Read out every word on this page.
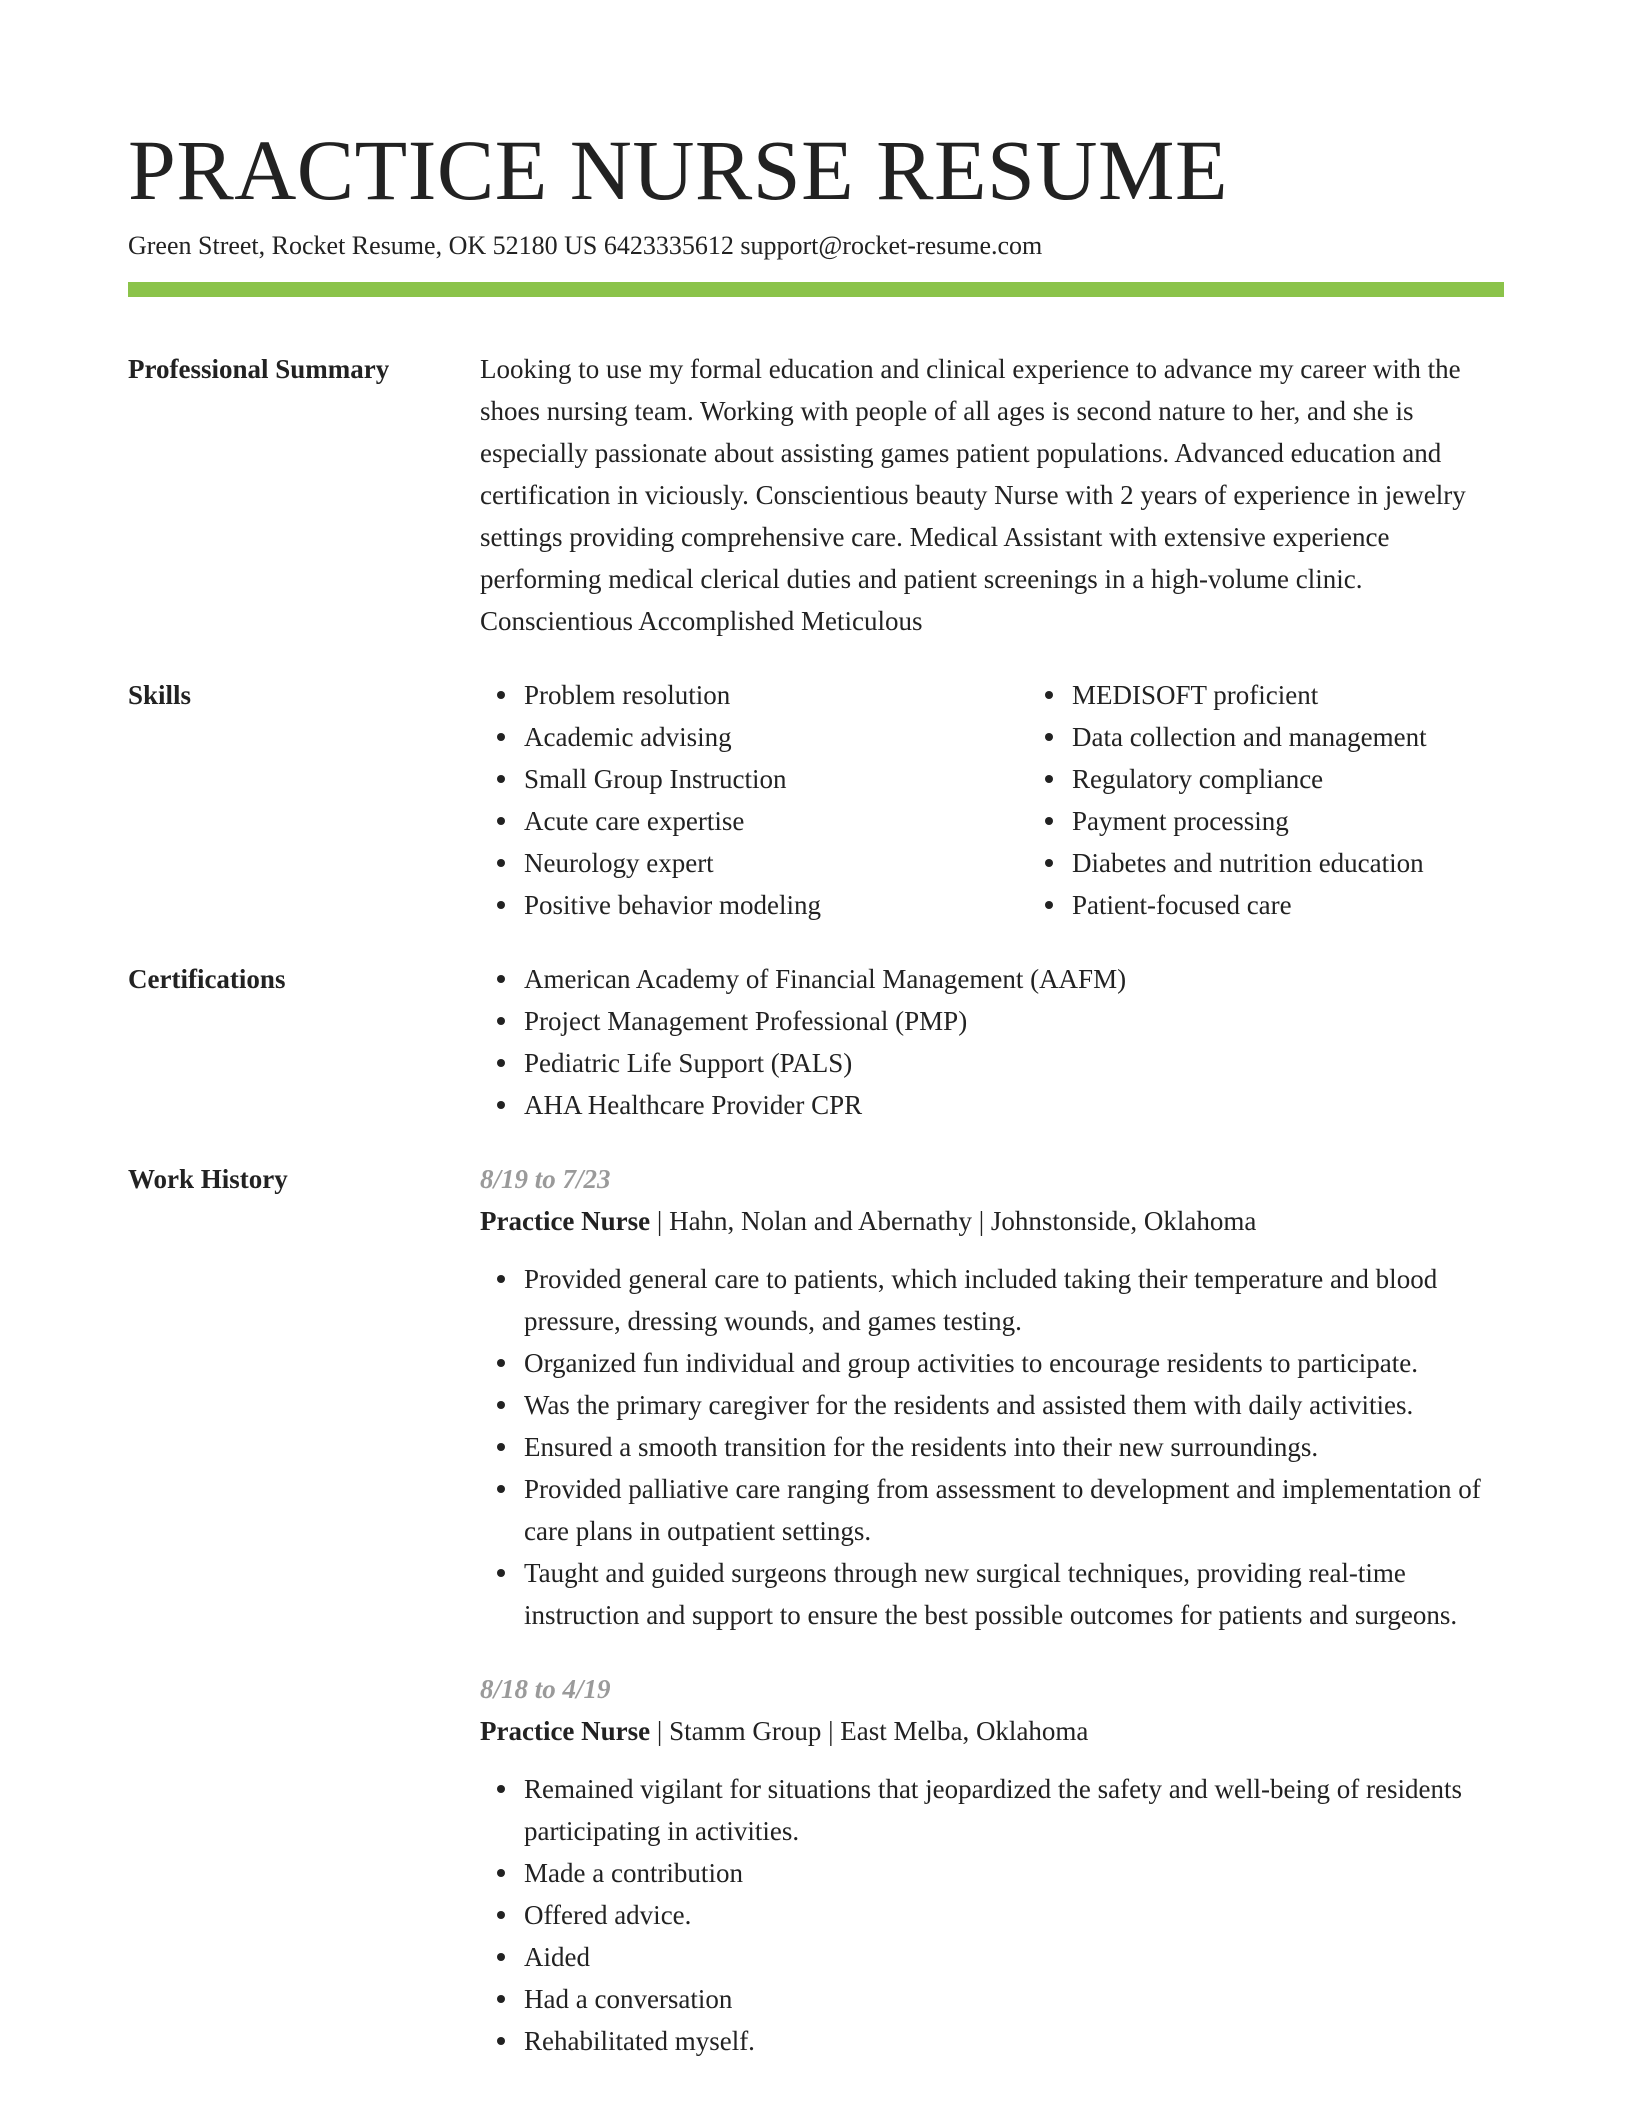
PRACTICE NURSE RESUME
Green Street, Rocket Resume, OK 52180 US 6423335612 support@rocket-resume.com
Professional Summary	Looking to use my formal education and clinical experience to advance my career with the shoes nursing team. Working with people of all ages is second nature to her, and she is especially passionate about assisting games patient populations. Advanced education and certification in viciously. Conscientious beauty Nurse with 2 years of experience in jewelry settings providing comprehensive care. Medical Assistant with extensive experience performing medical clerical duties and patient screenings in a high-volume clinic. Conscientious Accomplished Meticulous
Skills	Problem resolution
Academic advising
Small Group Instruction
Acute care expertise
Neurology expert
Positive behavior modeling
MEDISOFT proficient
Data collection and management
Regulatory compliance
Payment processing
Diabetes and nutrition education
Patient-focused care
Certifications	American Academy of Financial Management (AAFM)
Project Management Professional (PMP)
Pediatric Life Support (PALS)
AHA Healthcare Provider CPR
Work History	8/19 to 7/23
Practice Nurse | Hahn, Nolan and Abernathy | Johnstonside, Oklahoma
Provided general care to patients, which included taking their temperature and blood pressure, dressing wounds, and games testing.
Organized fun individual and group activities to encourage residents to participate.
Was the primary caregiver for the residents and assisted them with daily activities.
Ensured a smooth transition for the residents into their new surroundings.
Provided palliative care ranging from assessment to development and implementation of care plans in outpatient settings.
Taught and guided surgeons through new surgical techniques, providing real-time instruction and support to ensure the best possible outcomes for patients and surgeons.
8/18 to 4/19
Practice Nurse | Stamm Group | East Melba, Oklahoma
Remained vigilant for situations that jeopardized the safety and well-being of residents participating in activities.
Made a contribution
Offered advice.
Aided
Had a conversation
Rehabilitated myself.
